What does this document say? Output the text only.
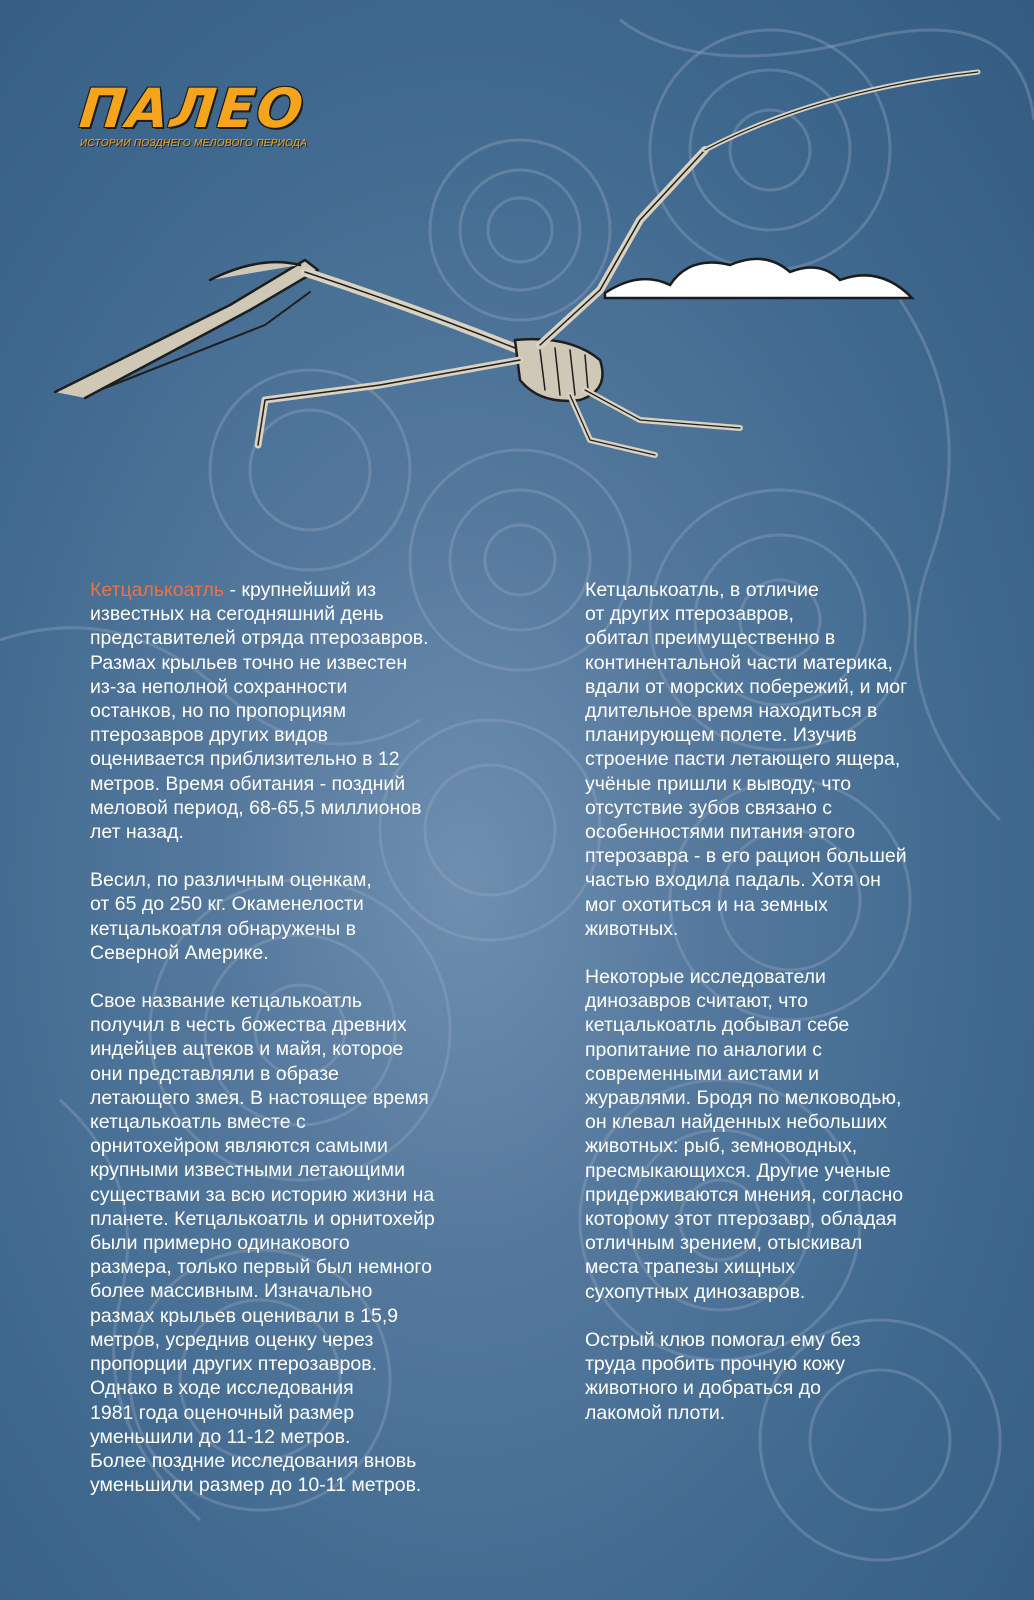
ПАЛЕО
ИСТОРИИ ПОЗДНЕГО МЕЛОВОГО ПЕРИОДА

Кетцалькоатль - крупнейший из
известных на сегодняшний день
представителей отряда птерозавров.
Размах крыльев точно не известен
из-за неполной сохранности
останков, но по пропорциям
птерозавров других видов
оценивается приблизительно в 12
метров. Время обитания - поздний
меловой период, 68-65,5 миллионов
лет назад.

Весил, по различным оценкам,
от 65 до 250 кг. Окаменелости
кетцалькоатля обнаружены в
Северной Америке.

Свое название кетцалькоатль
получил в честь божества древних
индейцев ацтеков и майя, которое
они представляли в образе
летающего змея. В настоящее время
кетцалькоатль вместе с
орнитохейром являются самыми
крупными известными летающими
существами за всю историю жизни на
планете. Кетцалькоатль и орнитохейр
были примерно одинакового
размера, только первый был немного
более массивным. Изначально
размах крыльев оценивали в 15,9
метров, усреднив оценку через
пропорции других птерозавров.
Однако в ходе исследования
1981 года оценочный размер
уменьшили до 11-12 метров.
Более поздние исследования вновь
уменьшили размер до 10-11 метров.

Кетцалькоатль, в отличие
от других птерозавров,
обитал преимущественно в
континентальной части материка,
вдали от морских побережий, и мог
длительное время находиться в
планирующем полете. Изучив
строение пасти летающего ящера,
учёные пришли к выводу, что
отсутствие зубов связано с
особенностями питания этого
птерозавра - в его рацион большей
частью входила падаль. Хотя он
мог охотиться и на земных
животных.

Некоторые исследователи
динозавров считают, что
кетцалькоатль добывал себе
пропитание по аналогии с
современными аистами и
журавлями. Бродя по мелководью,
он клевал найденных небольших
животных: рыб, земноводных,
пресмыкающихся. Другие ученые
придерживаются мнения, согласно
которому этот птерозавр, обладая
отличным зрением, отыскивал
места трапезы хищных
сухопутных динозавров.

Острый клюв помогал ему без
труда пробить прочную кожу
животного и добраться до
лакомой плоти.
